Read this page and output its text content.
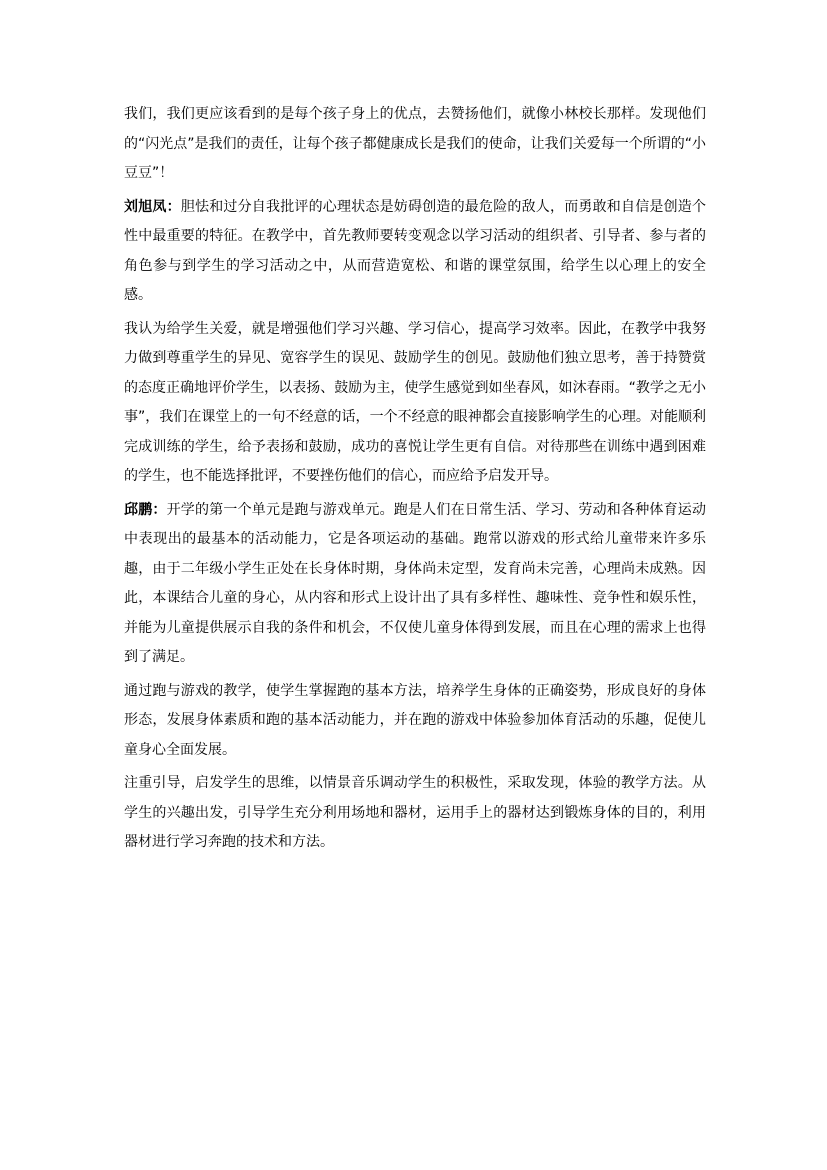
我们，我们更应该看到的是每个孩子身上的优点，去赞扬他们，就像小林校长那样。发现他们的“闪光点”是我们的责任，让每个孩子都健康成长是我们的使命，让我们关爱每一个所谓的“小豆豆”！

刘旭凤：胆怯和过分自我批评的心理状态是妨碍创造的最危险的敌人，而勇敢和自信是创造个性中最重要的特征。在教学中，首先教师要转变观念以学习活动的组织者、引导者、参与者的角色参与到学生的学习活动之中，从而营造宽松、和谐的课堂氛围，给学生以心理上的安全感。

我认为给学生关爱，就是增强他们学习兴趣、学习信心，提高学习效率。因此，在教学中我努力做到尊重学生的异见、宽容学生的误见、鼓励学生的创见。鼓励他们独立思考，善于持赞赏的态度正确地评价学生，以表扬、鼓励为主，使学生感觉到如坐春风，如沐春雨。“教学之无小事”，我们在课堂上的一句不经意的话，一个不经意的眼神都会直接影响学生的心理。对能顺利完成训练的学生，给予表扬和鼓励，成功的喜悦让学生更有自信。对待那些在训练中遇到困难的学生，也不能选择批评，不要挫伤他们的信心，而应给予启发开导。

邱鹏：开学的第一个单元是跑与游戏单元。跑是人们在日常生活、学习、劳动和各种体育运动中表现出的最基本的活动能力，它是各项运动的基础。跑常以游戏的形式给儿童带来许多乐趣，由于二年级小学生正处在长身体时期，身体尚未定型，发育尚未完善，心理尚未成熟。因此，本课结合儿童的身心，从内容和形式上设计出了具有多样性、趣味性、竞争性和娱乐性，并能为儿童提供展示自我的条件和机会，不仅使儿童身体得到发展，而且在心理的需求上也得到了满足。

通过跑与游戏的教学，使学生掌握跑的基本方法，培养学生身体的正确姿势，形成良好的身体形态，发展身体素质和跑的基本活动能力，并在跑的游戏中体验参加体育活动的乐趣，促使儿童身心全面发展。

注重引导，启发学生的思维，以情景音乐调动学生的积极性，采取发现，体验的教学方法。从学生的兴趣出发，引导学生充分利用场地和器材，运用手上的器材达到锻炼身体的目的，利用器材进行学习奔跑的技术和方法。
